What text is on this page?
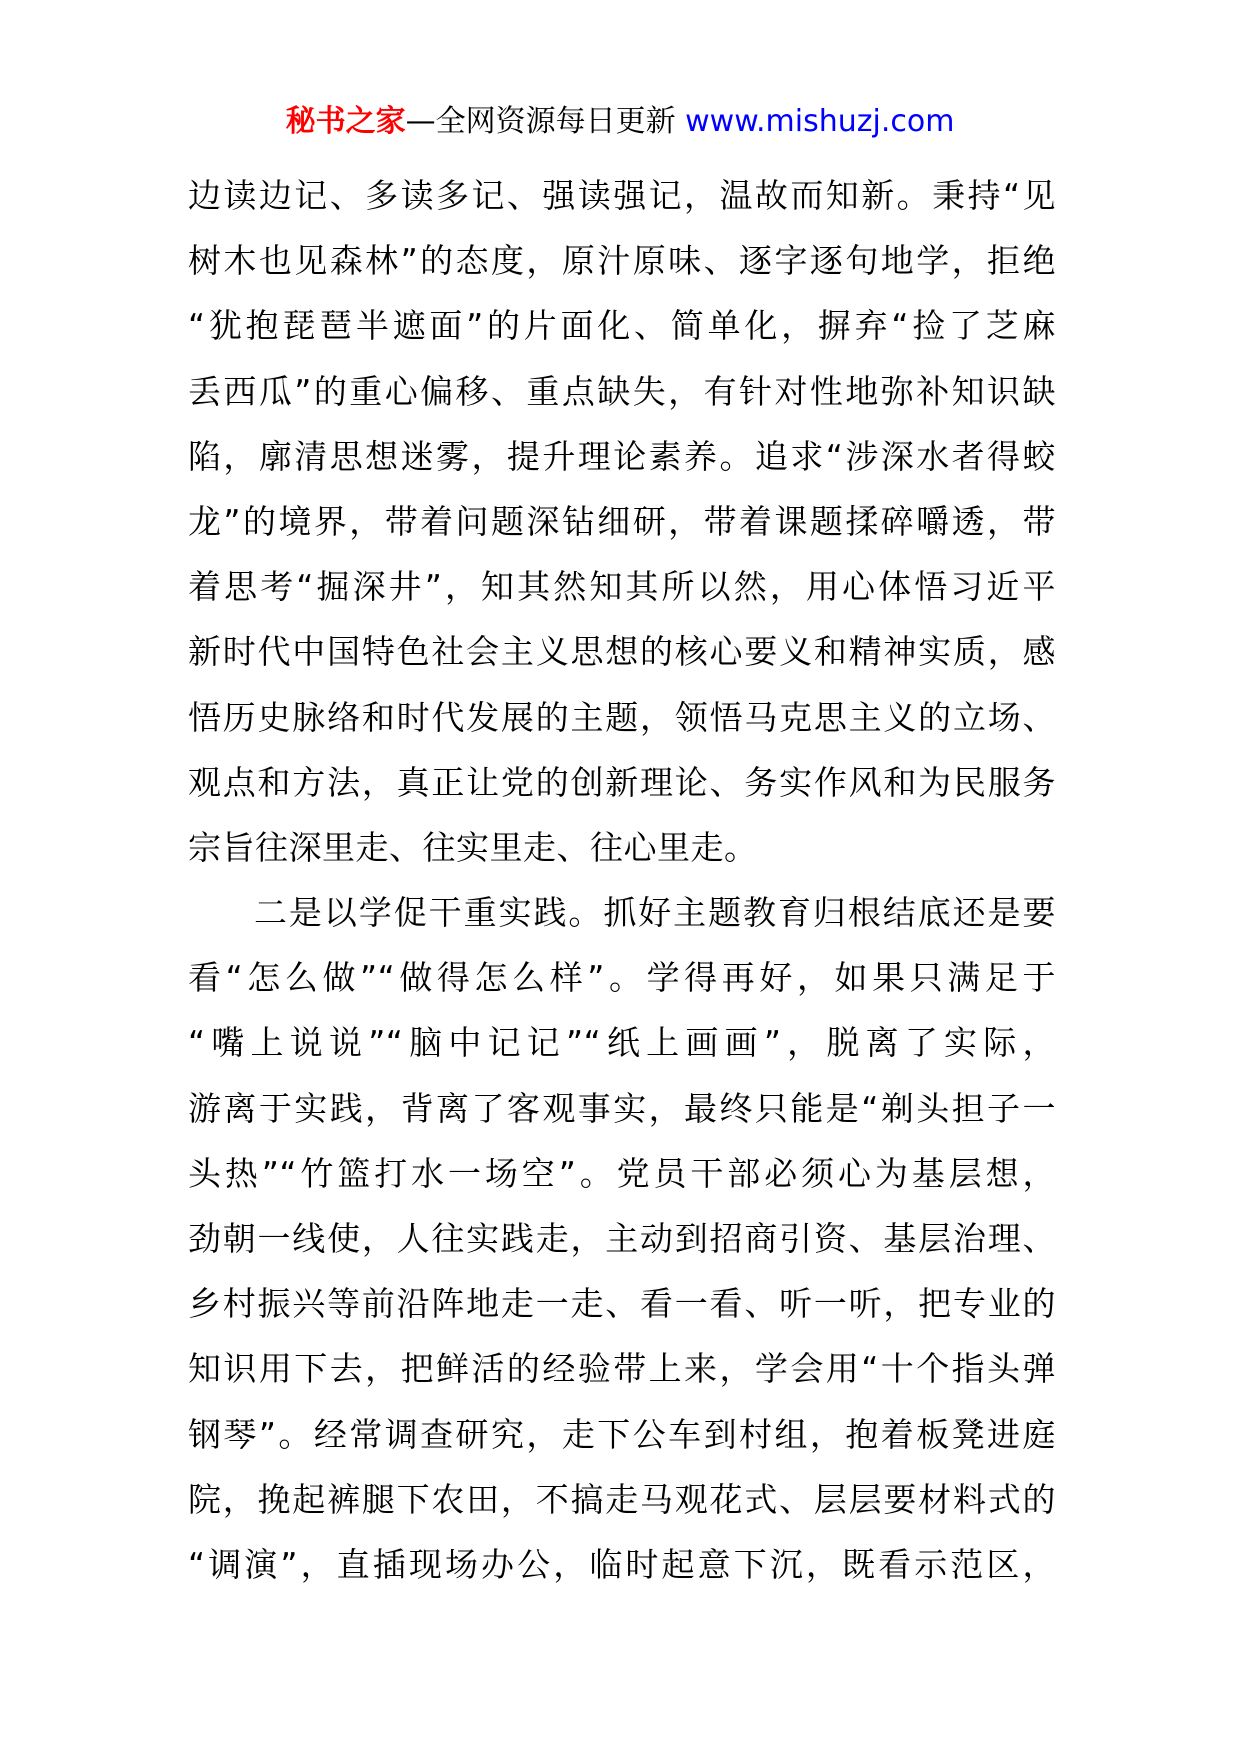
秘书之家—全网资源每日更新 www.mishuzj.com
边读边记、多读多记、强读强记，温故而知新。秉持“见
树木也见森林”的态度，原汁原味、逐字逐句地学，拒绝
“犹抱琵琶半遮面”的片面化、简单化，摒弃“捡了芝麻
丢西瓜”的重心偏移、重点缺失，有针对性地弥补知识缺
陷，廓清思想迷雾，提升理论素养。追求“涉深水者得蛟
龙”的境界，带着问题深钻细研，带着课题揉碎嚼透，带
着思考“掘深井”，知其然知其所以然，用心体悟习近平
新时代中国特色社会主义思想的核心要义和精神实质，感
悟历史脉络和时代发展的主题，领悟马克思主义的立场、
观点和方法，真正让党的创新理论、务实作风和为民服务
宗旨往深里走、往实里走、往心里走。
二是以学促干重实践。抓好主题教育归根结底还是要
看“怎么做”“做得怎么样”。学得再好，如果只满足于
“嘴上说说”“脑中记记”“纸上画画”，脱离了实际，
游离于实践，背离了客观事实，最终只能是“剃头担子一
头热”“竹篮打水一场空”。党员干部必须心为基层想，
劲朝一线使，人往实践走，主动到招商引资、基层治理、
乡村振兴等前沿阵地走一走、看一看、听一听，把专业的
知识用下去，把鲜活的经验带上来，学会用“十个指头弹
钢琴”。经常调查研究，走下公车到村组，抱着板凳进庭
院，挽起裤腿下农田，不搞走马观花式、层层要材料式的
“调演”，直插现场办公，临时起意下沉，既看示范区，
